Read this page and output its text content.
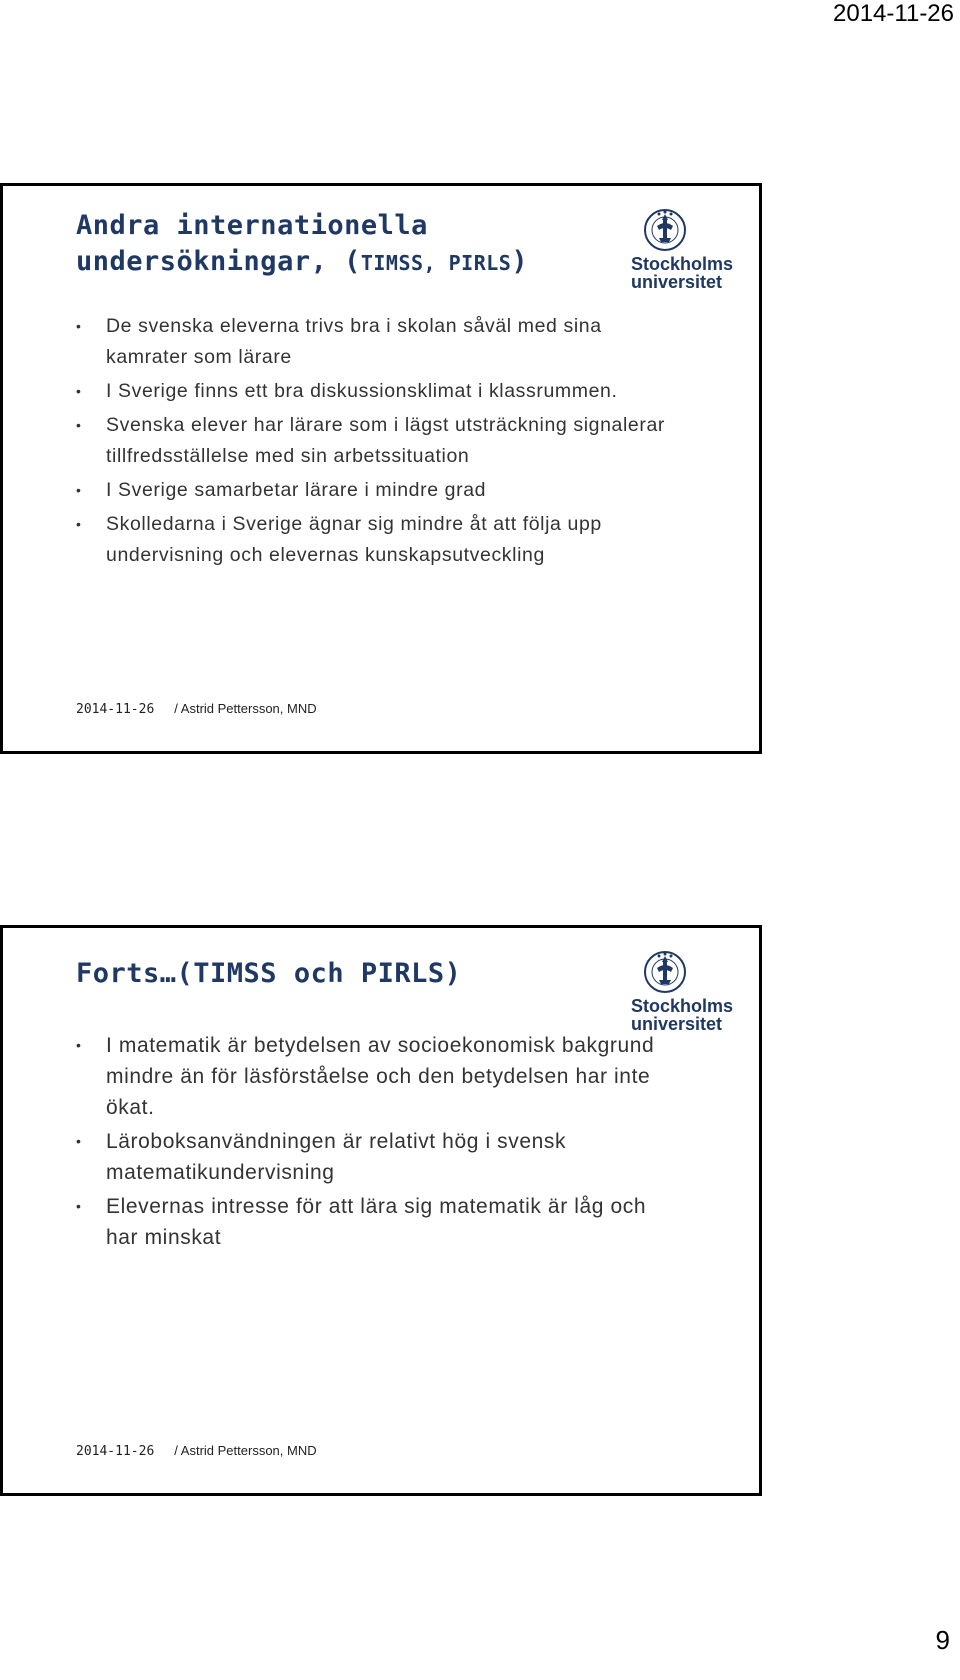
2014-11-26
Andra internationella undersökningar, (TIMSS, PIRLS)	Stockholms
universitet
• De svenska eleverna trivs bra i skolan såväl med sina kamrater som lärare
• I Sverige finns ett bra diskussionsklimat i klassrummen.
• Svenska elever har lärare som i lägst utsträckning signalerar tillfredsställelse med sin arbetssituation
• I Sverige samarbetar lärare i mindre grad
• Skolledarna i Sverige ägnar sig mindre åt att följa upp undervisning och elevernas kunskapsutveckling
2014-11-26 / Astrid Pettersson, MND
Forts…(TIMSS och PIRLS)
Stockholms
universitet
• I matematik är betydelsen av socioekonomisk bakgrund mindre än för läsförståelse och den betydelsen har inte ökat.
• Läroboksanvändningen är relativt hög i svensk matematikundervisning
• Elevernas intresse för att lära sig matematik är låg och har minskat
2014-11-26 / Astrid Pettersson, MND
9
